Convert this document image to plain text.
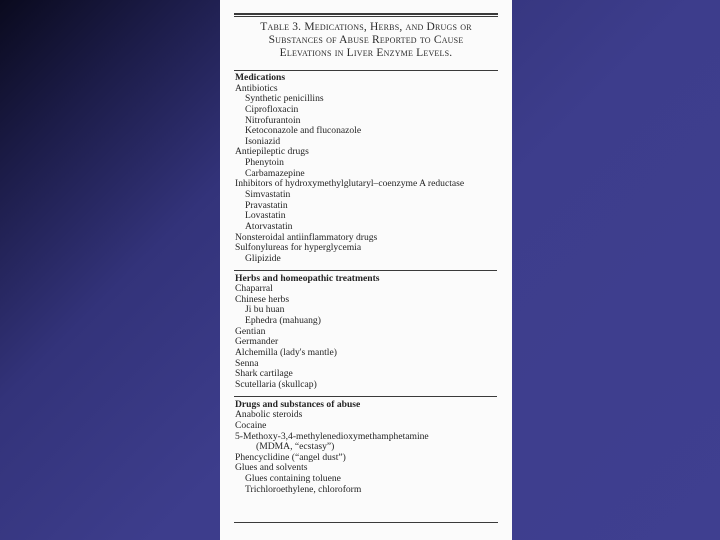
Table 3. Medications, Herbs, and Drugs or
Substances of Abuse Reported to Cause
Elevations in Liver Enzyme Levels.
Medications
Antibiotics
Synthetic penicillins
Ciprofloxacin
Nitrofurantoin
Ketoconazole and fluconazole
Isoniazid
Antiepileptic drugs
Phenytoin
Carbamazepine
Inhibitors of hydroxymethylglutaryl–coenzyme A reductase
Simvastatin
Pravastatin
Lovastatin
Atorvastatin
Nonsteroidal antiinflammatory drugs
Sulfonylureas for hyperglycemia
Glipizide
Herbs and homeopathic treatments
Chaparral
Chinese herbs
Ji bu huan
Ephedra (mahuang)
Gentian
Germander
Alchemilla (lady's mantle)
Senna
Shark cartilage
Scutellaria (skullcap)
Drugs and substances of abuse
Anabolic steroids
Cocaine
5-Methoxy-3,4-methylenedioxymethamphetamine
(MDMA, “ecstasy”)
Phencyclidine (“angel dust”)
Glues and solvents
Glues containing toluene
Trichloroethylene, chloroform
